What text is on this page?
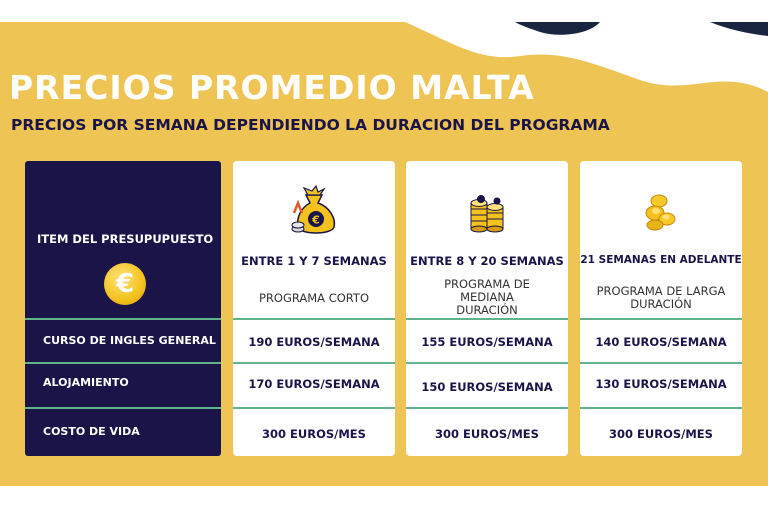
PRECIOS PROMEDIO MALTA
PRECIOS POR SEMANA DEPENDIENDO LA DURACION DEL PROGRAMA
ITEM DEL PRESUPUPUESTO
€
CURSO DE INGLES GENERAL
ALOJAMIENTO
COSTO DE VIDA
€
ENTRE 1 Y 7 SEMANAS
PROGRAMA CORTO
190 EUROS/SEMANA
170 EUROS/SEMANA
300 EUROS/MES
ENTRE 8 Y 20 SEMANAS
PROGRAMA DE
MEDIANA
DURACIÓN
155 EUROS/SEMANA
150 EUROS/SEMANA
300 EUROS/MES
21 SEMANAS EN ADELANTE
PROGRAMA DE LARGA
DURACIÓN
140 EUROS/SEMANA
130 EUROS/SEMANA
300 EUROS/MES
